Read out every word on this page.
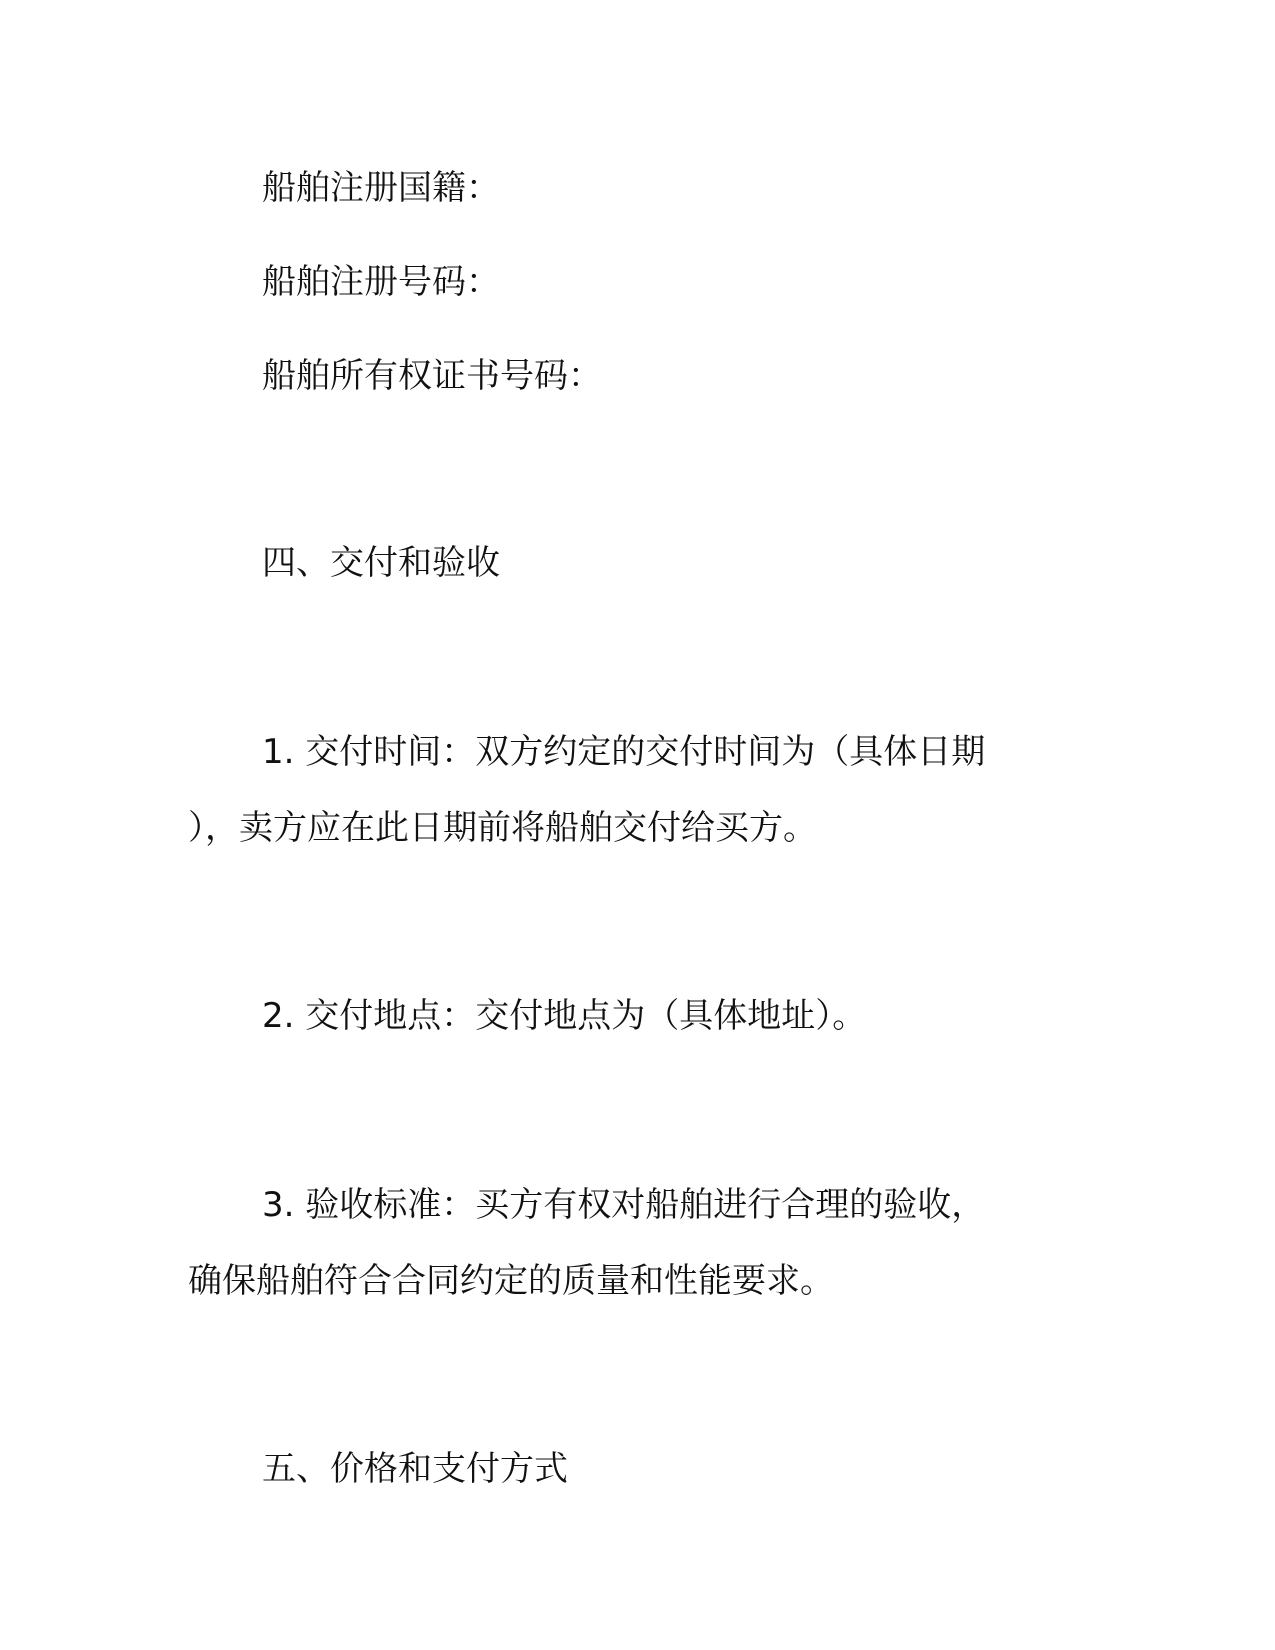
船舶注册国籍：
船舶注册号码：
船舶所有权证书号码：
四、交付和验收
1. 交付时间：双方约定的交付时间为（具体日期
），卖方应在此日期前将船舶交付给买方。
2. 交付地点：交付地点为（具体地址）。
3. 验收标准：买方有权对船舶进行合理的验收，
确保船舶符合合同约定的质量和性能要求。
五、价格和支付方式
